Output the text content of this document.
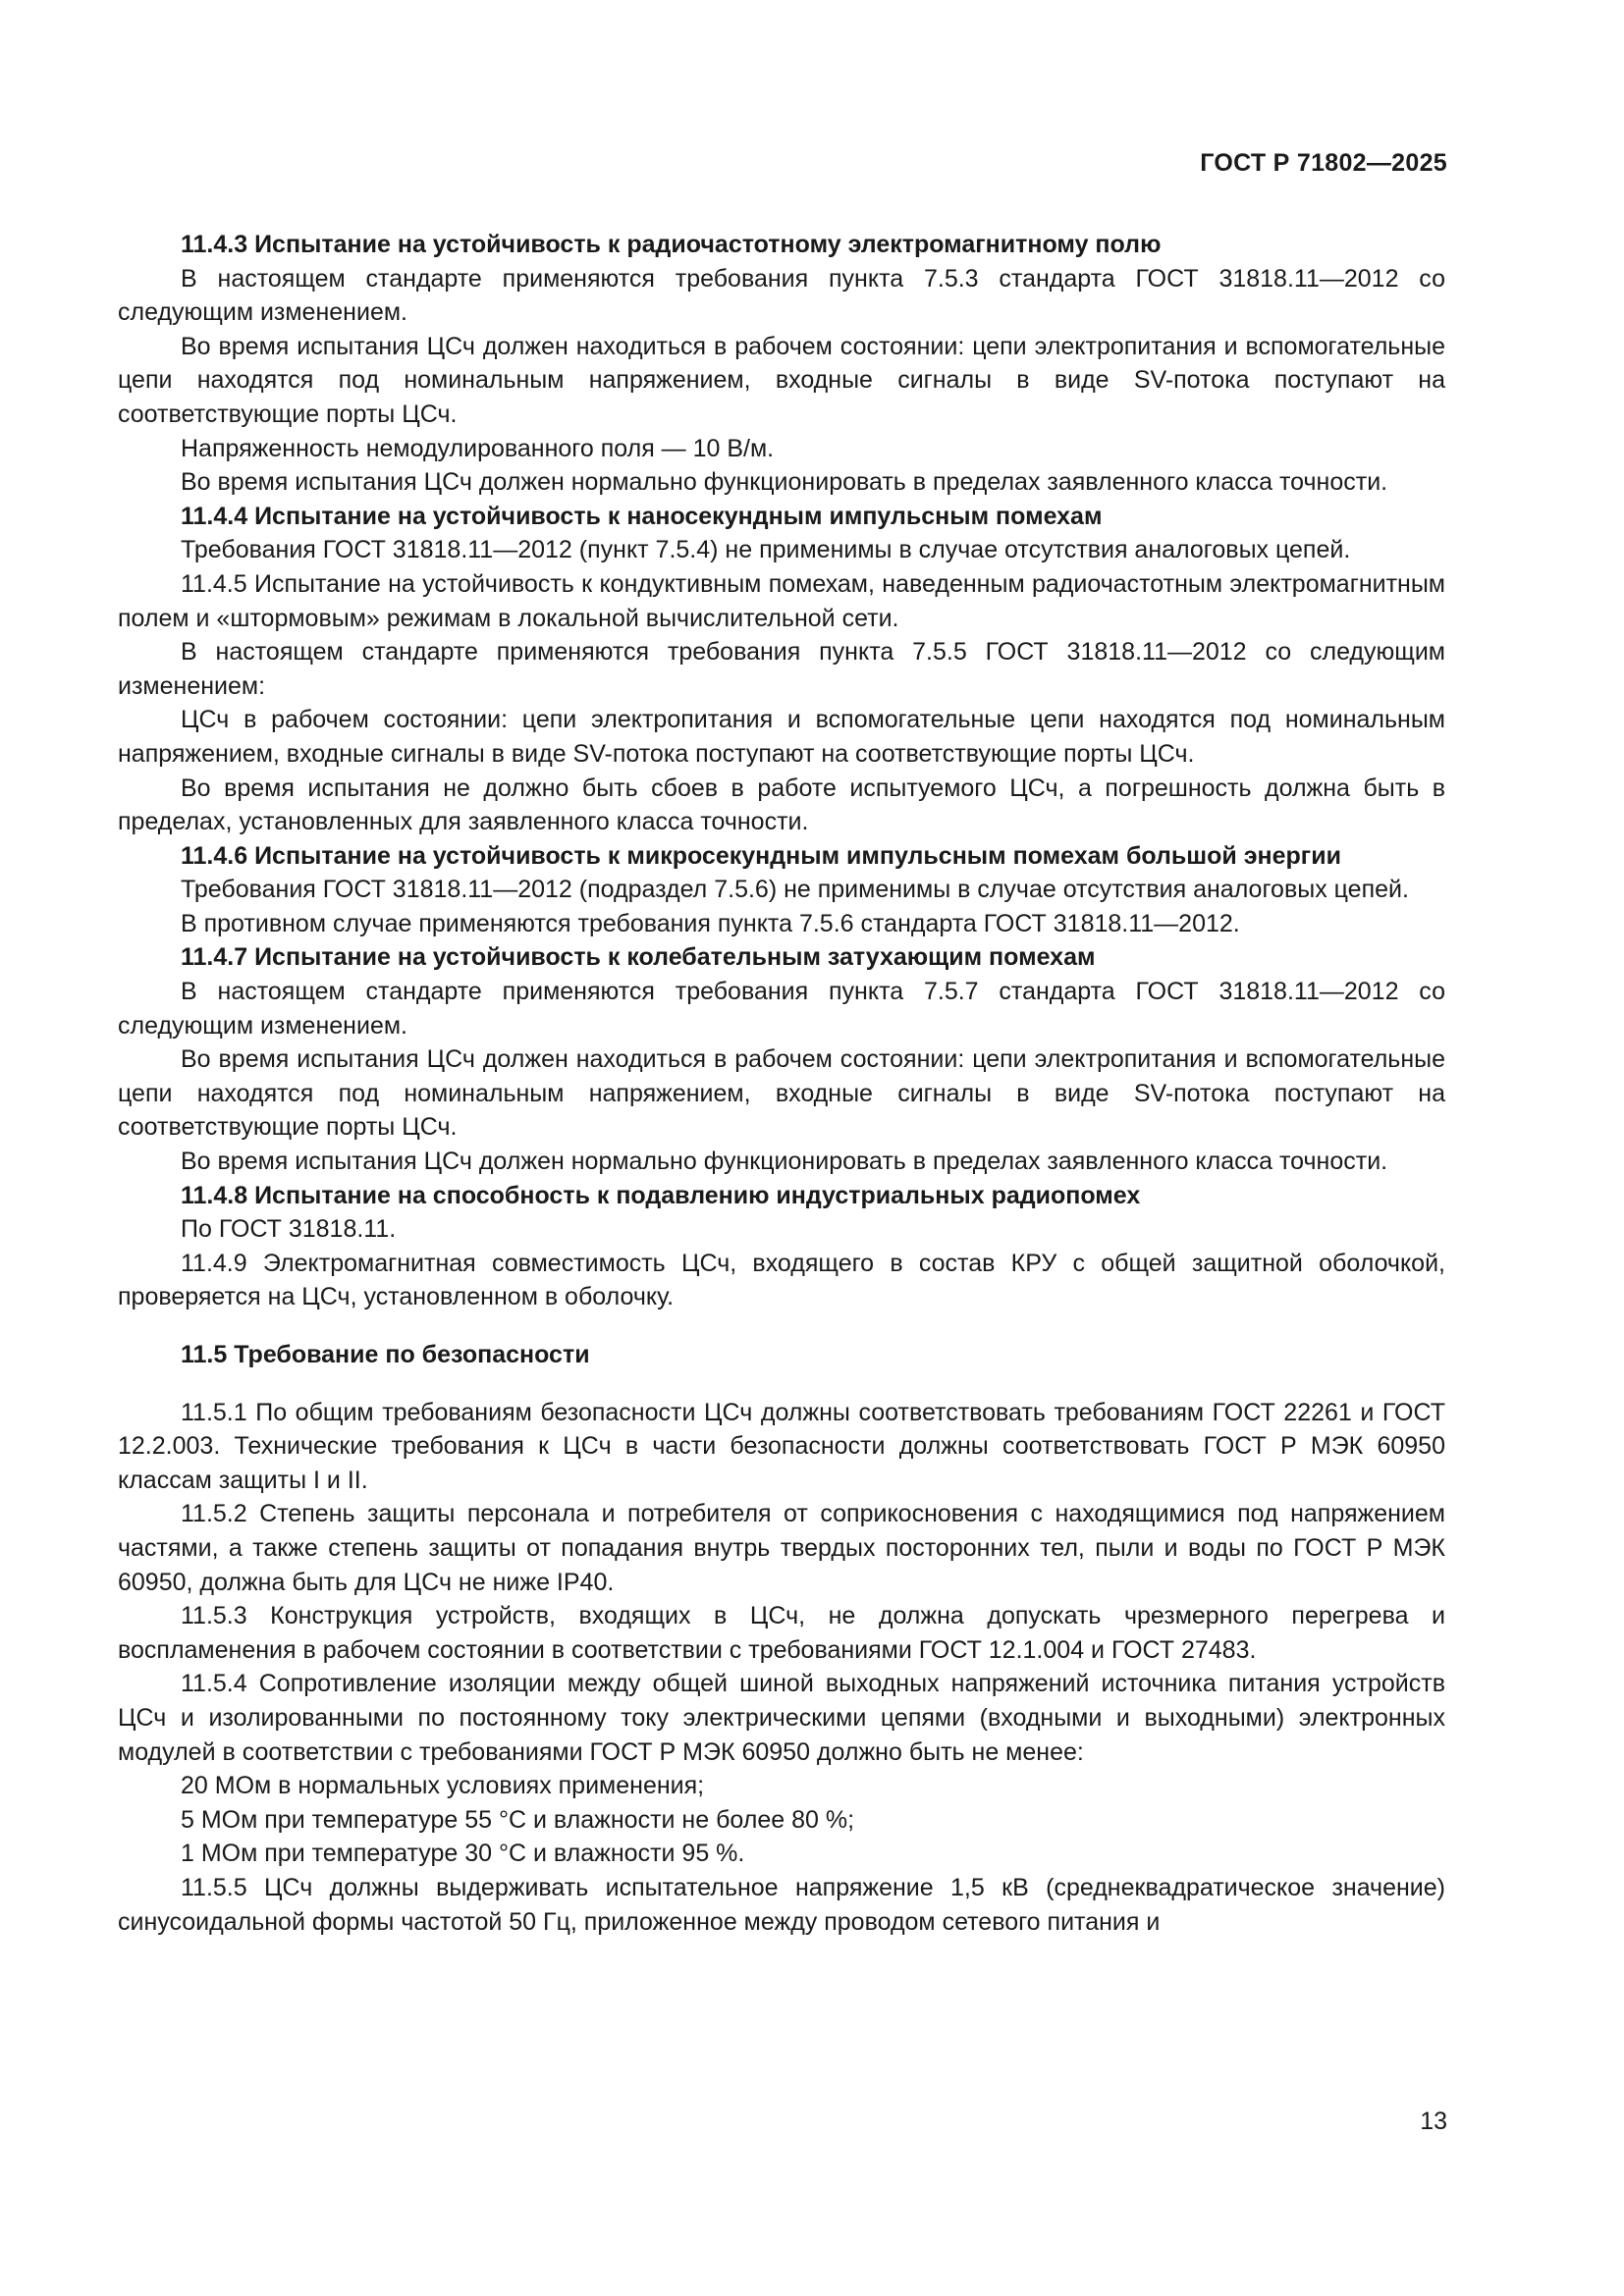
ГОСТ Р 71802—2025

11.4.3 Испытание на устойчивость к радиочастотному электромагнитному полю

В настоящем стандарте применяются требования пункта 7.5.3 стандарта ГОСТ 31818.11—2012 со следующим изменением.

Во время испытания ЦСч должен находиться в рабочем состоянии: цепи электропитания и вспомогательные цепи находятся под номинальным напряжением, входные сигналы в виде SV-потока поступают на соответствующие порты ЦСч.

Напряженность немодулированного поля — 10 В/м.

Во время испытания ЦСч должен нормально функционировать в пределах заявленного класса точности.

11.4.4 Испытание на устойчивость к наносекундным импульсным помехам

Требования ГОСТ 31818.11—2012 (пункт 7.5.4) не применимы в случае отсутствия аналоговых цепей.

11.4.5 Испытание на устойчивость к кондуктивным помехам, наведенным радиочастотным электромагнитным полем и «штормовым» режимам в локальной вычислительной сети.

В настоящем стандарте применяются требования пункта 7.5.5 ГОСТ 31818.11—2012 со следующим изменением:

ЦСч в рабочем состоянии: цепи электропитания и вспомогательные цепи находятся под номинальным напряжением, входные сигналы в виде SV-потока поступают на соответствующие порты ЦСч.

Во время испытания не должно быть сбоев в работе испытуемого ЦСч, а погрешность должна быть в пределах, установленных для заявленного класса точности.

11.4.6 Испытание на устойчивость к микросекундным импульсным помехам большой энергии

Требования ГОСТ 31818.11—2012 (подраздел 7.5.6) не применимы в случае отсутствия аналоговых цепей.

В противном случае применяются требования пункта 7.5.6 стандарта ГОСТ 31818.11—2012.

11.4.7 Испытание на устойчивость к колебательным затухающим помехам

В настоящем стандарте применяются требования пункта 7.5.7 стандарта ГОСТ 31818.11—2012 со следующим изменением.

Во время испытания ЦСч должен находиться в рабочем состоянии: цепи электропитания и вспомогательные цепи находятся под номинальным напряжением, входные сигналы в виде SV-потока поступают на соответствующие порты ЦСч.

Во время испытания ЦСч должен нормально функционировать в пределах заявленного класса точности.

11.4.8 Испытание на способность к подавлению индустриальных радиопомех

По ГОСТ 31818.11.

11.4.9 Электромагнитная совместимость ЦСч, входящего в состав КРУ с общей защитной оболочкой, проверяется на ЦСч, установленном в оболочку.

11.5 Требование по безопасности

11.5.1 По общим требованиям безопасности ЦСч должны соответствовать требованиям ГОСТ 22261 и ГОСТ 12.2.003. Технические требования к ЦСч в части безопасности должны соответствовать ГОСТ Р МЭК 60950 классам защиты I и II.

11.5.2 Степень защиты персонала и потребителя от соприкосновения с находящимися под напряжением частями, а также степень защиты от попадания внутрь твердых посторонних тел, пыли и воды по ГОСТ Р МЭК 60950, должна быть для ЦСч не ниже IP40.

11.5.3 Конструкция устройств, входящих в ЦСч, не должна допускать чрезмерного перегрева и воспламенения в рабочем состоянии в соответствии с требованиями ГОСТ 12.1.004 и ГОСТ 27483.

11.5.4 Сопротивление изоляции между общей шиной выходных напряжений источника питания устройств ЦСч и изолированными по постоянному току электрическими цепями (входными и выходными) электронных модулей в соответствии с требованиями ГОСТ Р МЭК 60950 должно быть не менее:

20 МОм в нормальных условиях применения;

5 МОм при температуре 55 °С и влажности не более 80 %;

1 МОм при температуре 30 °С и влажности 95 %.

11.5.5 ЦСч должны выдерживать испытательное напряжение 1,5 кВ (среднеквадратическое значение) синусоидальной формы частотой 50 Гц, приложенное между проводом сетевого питания и

13
